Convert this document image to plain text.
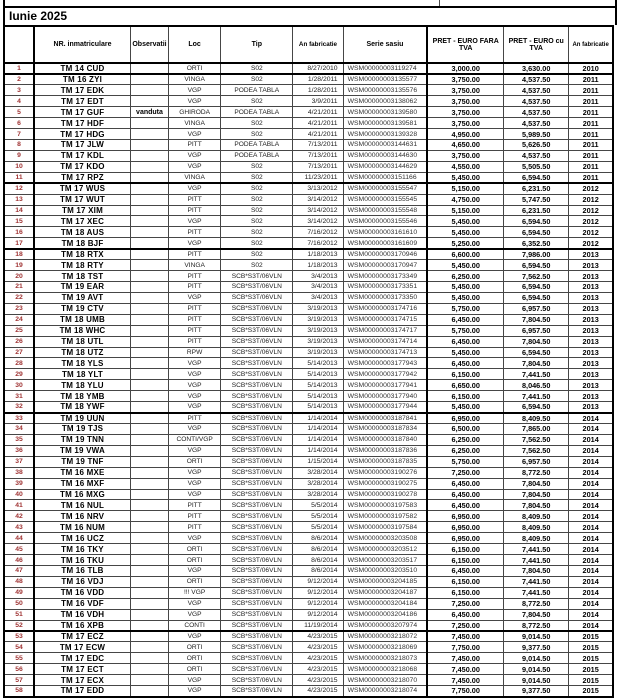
Iunie 2025
	NR. inmatriculare	Observatii	Loc	Tip	An fabricatie	Serie sasiu	PRET - EURO FARA TVA	PRET - EURO cu TVA	An fabricatie
1	TM 14 CUD		ORTI	S02	8/27/2010	WSM00000003119274	3,000.00	3,630.00	2010
2	TM 16 ZYI		VINGA	S02	1/28/2011	WSM00000003135577	3,750.00	4,537.50	2011
3	TM 17 EDK		VGP	PODEA TABLA	1/28/2011	WSM00000003135576	3,750.00	4,537.50	2011
4	TM 17 EDT		VGP	S02	3/9/2011	WSM00000003138062	3,750.00	4,537.50	2011
5	TM 17 GUF	vanduta	GHIRODA	PODEA TABLA	4/21/2011	WSM00000003139580	3,750.00	4,537.50	2011
6	TM 17 HDF		VINGA	S02	4/21/2011	WSM00000003139581	3,750.00	4,537.50	2011
7	TM 17 HDG		VGP	S02	4/21/2011	WSM00000003139328	4,950.00	5,989.50	2011
8	TM 17 JLW		PITT	PODEA TABLA	7/13/2011	WSM00000003144631	4,650.00	5,626.50	2011
9	TM 17 KDL		VGP	PODEA TABLA	7/13/2011	WSM00000003144630	3,750.00	4,537.50	2011
10	TM 17 KDO		VGP	S02	7/13/2011	WSM00000003144629	4,550.00	5,505.50	2011
11	TM 17 RPZ		VINGA	S02	11/23/2011	WSM00000003151166	5,450.00	6,594.50	2011
12	TM 17 WUS		VGP	S02	3/13/2012	WSM00000003155547	5,150.00	6,231.50	2012
13	TM 17 WUT		PITT	S02	3/14/2012	WSM00000003155545	4,750.00	5,747.50	2012
14	TM 17 XIM		PITT	S02	3/14/2012	WSM00000003155548	5,150.00	6,231.50	2012
15	TM 17 XEC		VGP	S02	3/14/2012	WSM00000003155546	5,450.00	6,594.50	2012
16	TM 18 AUS		PITT	S02	7/16/2012	WSM00000003161610	5,450.00	6,594.50	2012
17	TM 18 BJF		VGP	S02	7/16/2012	WSM00000003161609	5,250.00	6,352.50	2012
18	TM 18 RTX		PITT	S02	1/18/2013	WSM00000003170946	6,600.00	7,986.00	2013
19	TM 18 RTY		VINGA	S02	1/18/2013	WSM00000003170947	5,450.00	6,594.50	2013
20	TM 18 TST		PITT	SCB*S3T/06VLN	3/4/2013	WSM00000003173349	6,250.00	7,562.50	2013
21	TM 19 EAR		PITT	SCB*S3T/06VLN	3/4/2013	WSM00000003173351	5,450.00	6,594.50	2013
22	TM 19 AVT		VGP	SCB*S3T/06VLN	3/4/2013	WSM00000003173350	5,450.00	6,594.50	2013
23	TM 19 CTV		PITT	SCB*S3T/06VLN	3/19/2013	WSM00000003174716	5,750.00	6,957.50	2013
24	TM 18 UMB		PITT	SCB*S3T/06VLN	3/19/2013	WSM00000003174715	6,450.00	7,804.50	2013
25	TM 18 WHC		PITT	SCB*S3T/06VLN	3/19/2013	WSM00000003174717	5,750.00	6,957.50	2013
26	TM 18 UTL		PITT	SCB*S3T/06VLN	3/19/2013	WSM00000003174714	6,450.00	7,804.50	2013
27	TM 18 UTZ		RPW	SCB*S3T/06VLN	3/19/2013	WSM00000003174713	5,450.00	6,594.50	2013
28	TM 18 YLS		VGP	SCB*S3T/06VLN	5/14/2013	WSM00000003177943	6,450.00	7,804.50	2013
29	TM 18 YLT		VGP	SCB*S3T/06VLN	5/14/2013	WSM00000003177942	6,150.00	7,441.50	2013
30	TM 18 YLU		VGP	SCB*S3T/06VLN	5/14/2013	WSM00000003177941	6,650.00	8,046.50	2013
31	TM 18 YMB		VGP	SCB*S3T/06VLN	5/14/2013	WSM00000003177940	6,150.00	7,441.50	2013
32	TM 18 YWF		VGP	SCB*S3T/06VLN	5/14/2013	WSM00000003177944	5,450.00	6,594.50	2013
33	TM 19 UUN		PITT	SCB*S3T/06VLN	1/14/2014	WSM00000003187841	6,950.00	8,409.50	2014
34	TM 19 TJS		VGP	SCB*S3T/06VLN	1/14/2014	WSM00000003187834	6,500.00	7,865.00	2014
35	TM 19 TNN		CONTI/VGP	SCB*S3T/06VLN	1/14/2014	WSM00000003187840	6,250.00	7,562.50	2014
36	TM 19 VWA		VGP	SCB*S3T/06VLN	1/14/2014	WSM00000003187836	6,250.00	7,562.50	2014
37	TM 19 TNF		ORTI	SCB*S3T/06VLN	1/15/2014	WSM00000003187835	5,750.00	6,957.50	2014
38	TM 16 MXE		VGP	SCB*S3T/06VLN	3/28/2014	WSM00000003190276	7,250.00	8,772.50	2014
39	TM 16 MXF		VGP	SCB*S3T/06VLN	3/28/2014	WSM00000003190275	6,450.00	7,804.50	2014
40	TM 16 MXG		VGP	SCB*S3T/06VLN	3/28/2014	WSM00000003190278	6,450.00	7,804.50	2014
41	TM 16 NUL		PITT	SCB*S3T/06VLN	5/5/2014	WSM00000003197583	6,450.00	7,804.50	2014
42	TM 16 NRV		PITT	SCB*S3T/06VLN	5/5/2014	WSM00000003197582	6,950.00	8,409.50	2014
43	TM 16 NUM		PITT	SCB*S3T/06VLN	5/5/2014	WSM00000003197584	6,950.00	8,409.50	2014
44	TM 16 UCZ		VGP	SCB*S3T/06VLN	8/6/2014	WSM00000003203508	6,950.00	8,409.50	2014
45	TM 16 TKY		ORTI	SCB*S3T/06VLN	8/6/2014	WSM00000003203512	6,150.00	7,441.50	2014
46	TM 16 TKU		ORTI	SCB*S3T/06VLN	8/6/2014	WSM00000003203517	6,150.00	7,441.50	2014
47	TM 16 TLB		VGP	SCB*S3T/06VLN	8/6/2014	WSM00000003203510	6,450.00	7,804.50	2014
48	TM 16 VDJ		ORTI	SCB*S3T/06VLN	9/12/2014	WSM00000003204185	6,150.00	7,441.50	2014
49	TM 16 VDD		!!! VGP	SCB*S3T/06VLN	9/12/2014	WSM00000003204187	6,150.00	7,441.50	2014
50	TM 16 VDF		VGP	SCB*S3T/06VLN	9/12/2014	WSM00000003204184	7,250.00	8,772.50	2014
51	TM 16 VDH		VGP	SCB*S3T/06VLN	9/12/2014	WSM00000003204186	6,450.00	7,804.50	2014
52	TM 16 XPB		CONTI	SCB*S3T/06VLN	11/19/2014	WSM00000003207974	7,250.00	8,772.50	2014
53	TM 17 ECZ		VGP	SCB*S3T/06VLN	4/23/2015	WSM00000003218072	7,450.00	9,014.50	2015
54	TM 17 ECW		ORTI	SCB*S3T/06VLN	4/23/2015	WSM00000003218069	7,750.00	9,377.50	2015
55	TM 17 EDC		ORTI	SCB*S3T/06VLN	4/23/2015	WSM00000003218073	7,450.00	9,014.50	2015
56	TM 17 ECT		ORTI	SCB*S3T/06VLN	4/23/2015	WSM00000003218068	7,450.00	9,014.50	2015
57	TM 17 ECX		VGP	SCB*S3T/06VLN	4/23/2015	WSM00000003218070	7,450.00	9,014.50	2015
58	TM 17 EDD		VGP	SCB*S3T/06VLN	4/23/2015	WSM00000003218074	7,750.00	9,377.50	2015
